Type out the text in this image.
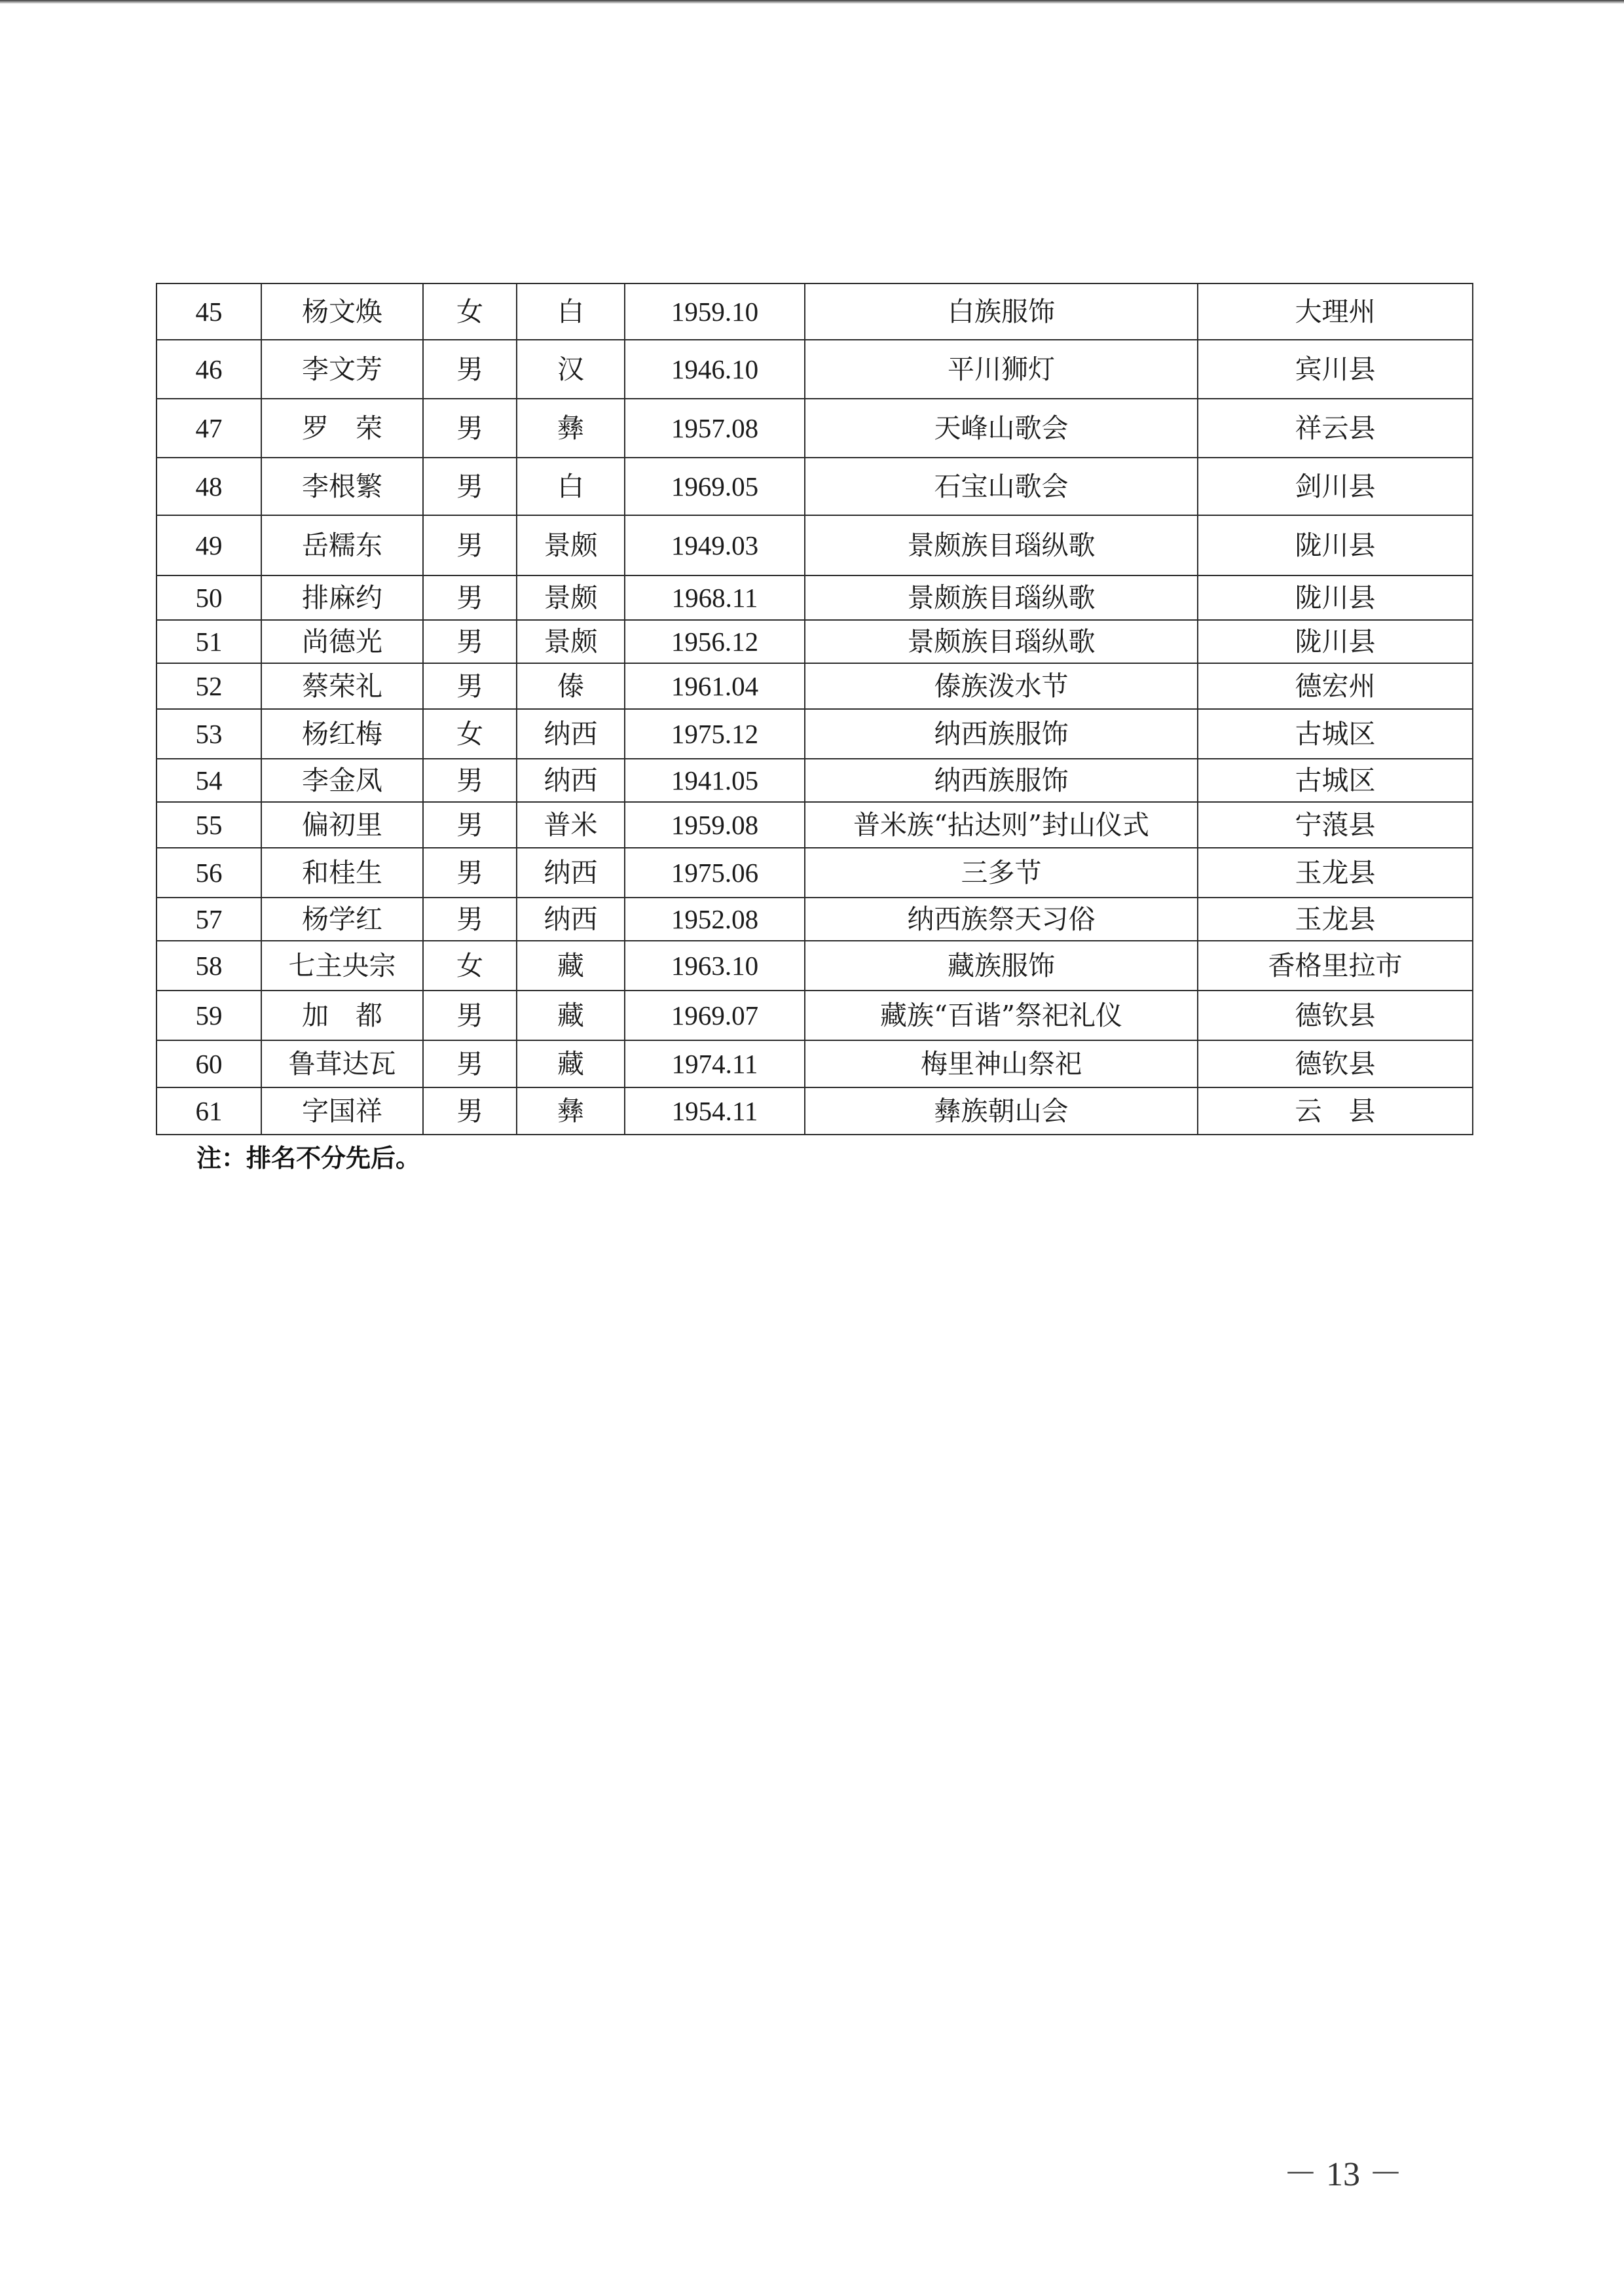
45	杨文焕	女	白	1959.10	白族服饰	大理州
46	李文芳	男	汉	1946.10	平川狮灯	宾川县
47	罗　荣	男	彝	1957.08	天峰山歌会	祥云县
48	李根繁	男	白	1969.05	石宝山歌会	剑川县
49	岳糯东	男	景颇	1949.03	景颇族目瑙纵歌	陇川县
50	排麻约	男	景颇	1968.11	景颇族目瑙纵歌	陇川县
51	尚德光	男	景颇	1956.12	景颇族目瑙纵歌	陇川县
52	蔡荣礼	男	傣	1961.04	傣族泼水节	德宏州
53	杨红梅	女	纳西	1975.12	纳西族服饰	古城区
54	李金凤	男	纳西	1941.05	纳西族服饰	古城区
55	偏初里	男	普米	1959.08	普米族“拈达则”封山仪式	宁蒗县
56	和桂生	男	纳西	1975.06	三多节	玉龙县
57	杨学红	男	纳西	1952.08	纳西族祭天习俗	玉龙县
58	七主央宗	女	藏	1963.10	藏族服饰	香格里拉市
59	加　都	男	藏	1969.07	藏族“百谐”祭祀礼仪	德钦县
60	鲁茸达瓦	男	藏	1974.11	梅里神山祭祀	德钦县
61	字国祥	男	彝	1954.11	彝族朝山会	云　县
注：排名不分先后。
－ 13 －
